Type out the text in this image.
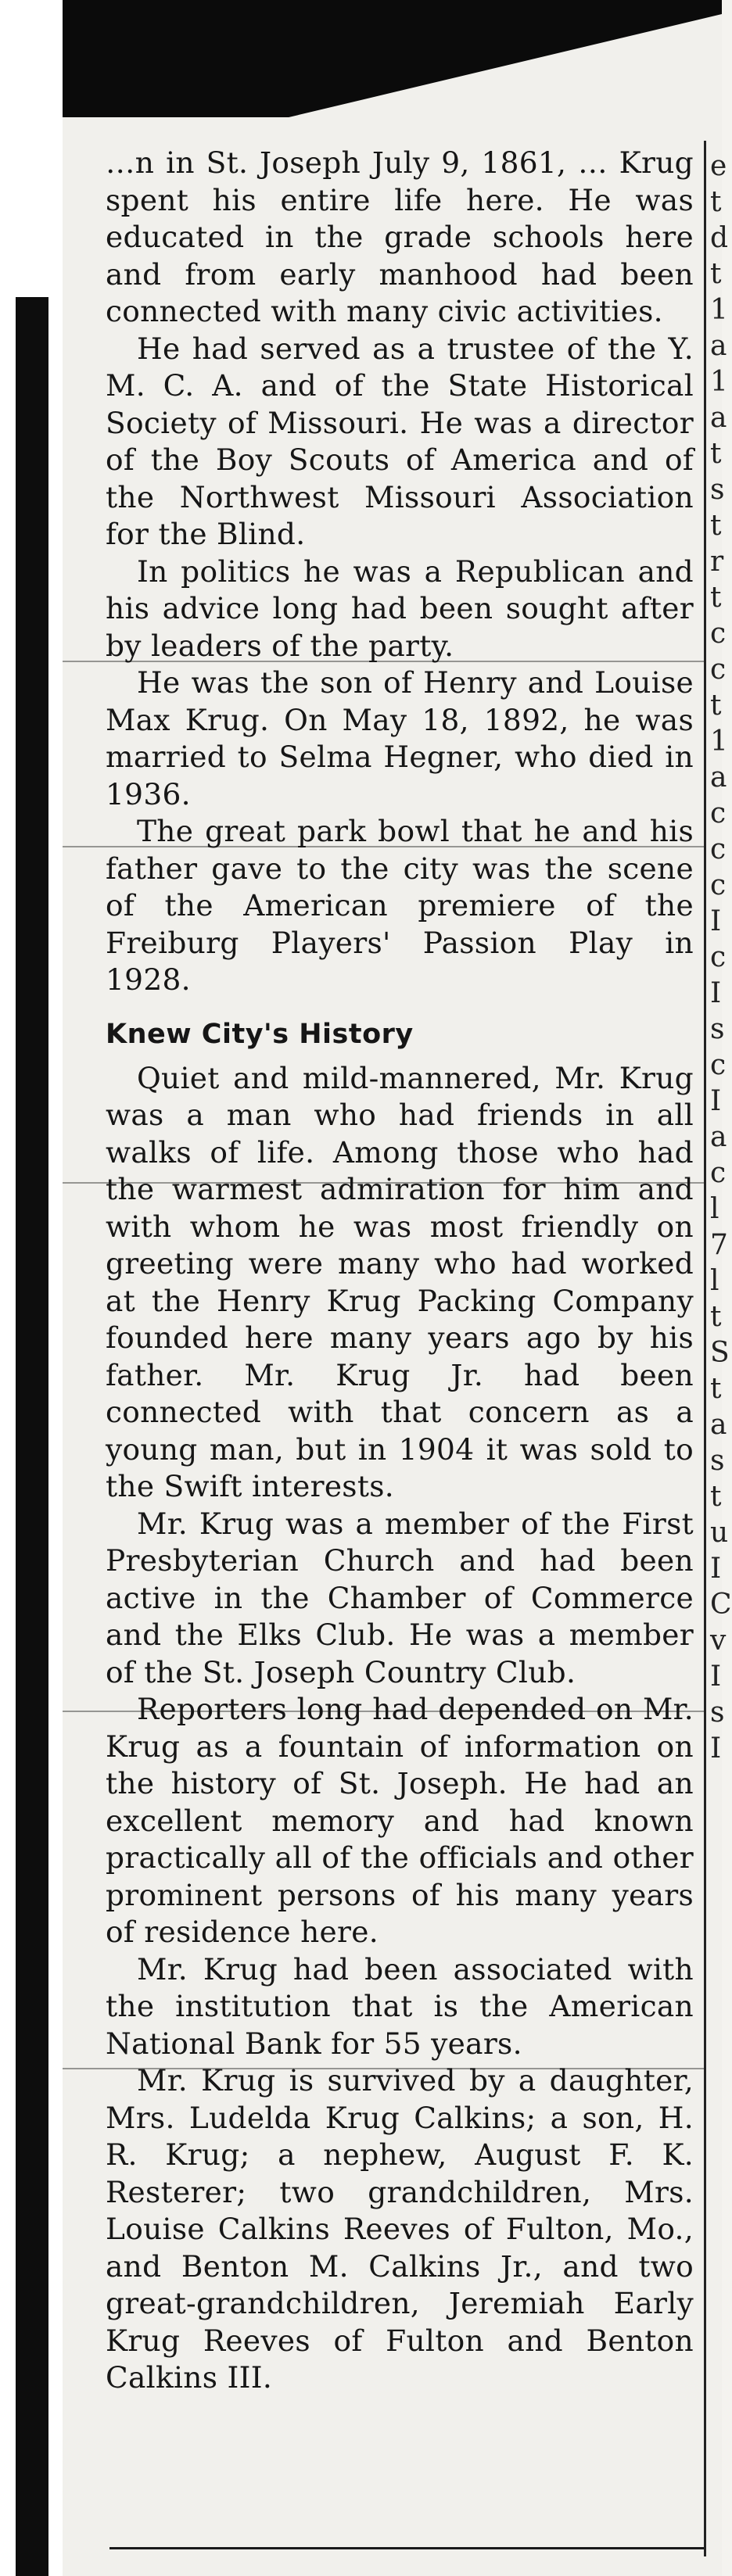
…n in St. Joseph July 9, 1861, … Krug spent his entire life here. He was educated in the grade schools here and from early manhood had been connected with many civic activities.

He had served as a trustee of the Y. M. C. A. and of the State Historical Society of Missouri. He was a director of the Boy Scouts of America and of the Northwest Missouri Association for the Blind.

In politics he was a Republican and his advice long had been sought after by leaders of the party.

He was the son of Henry and Louise Max Krug. On May 18, 1892, he was married to Selma Hegner, who died in 1936.

The great park bowl that he and his father gave to the city was the scene of the American premiere of the Freiburg Players' Passion Play in 1928.

Knew City's History

Quiet and mild-mannered, Mr. Krug was a man who had friends in all walks of life. Among those who had the warmest admiration for him and with whom he was most friendly on greeting were many who had worked at the Henry Krug Packing Company founded here many years ago by his father. Mr. Krug Jr. had been connected with that concern as a young man, but in 1904 it was sold to the Swift interests.

Mr. Krug was a member of the First Presbyterian Church and had been active in the Chamber of Commerce and the Elks Club. He was a member of the St. Joseph Country Club.

Reporters long had depended on Mr. Krug as a fountain of information on the history of St. Joseph. He had an excellent memory and had known practically all of the officials and other prominent persons of his many years of residence here.

Mr. Krug had been associated with the institution that is the American National Bank for 55 years.

Mr. Krug is survived by a daughter, Mrs. Ludelda Krug Calkins; a son, H. R. Krug; a nephew, August F. K. Resterer; two grandchildren, Mrs. Louise Calkins Reeves of Fulton, Mo., and Benton M. Calkins Jr., and two great-grandchildren, Jeremiah Early Krug Reeves of Fulton and Benton Calkins III.

e
t
d
t
1
a
1
a
t
s
t
r
t
c
c
t
1
a
c
c
c
I
c
I
s
c
I
a
c
l
7
l
t
S
t
a
s
t
u
I
C
v
I
s
I
